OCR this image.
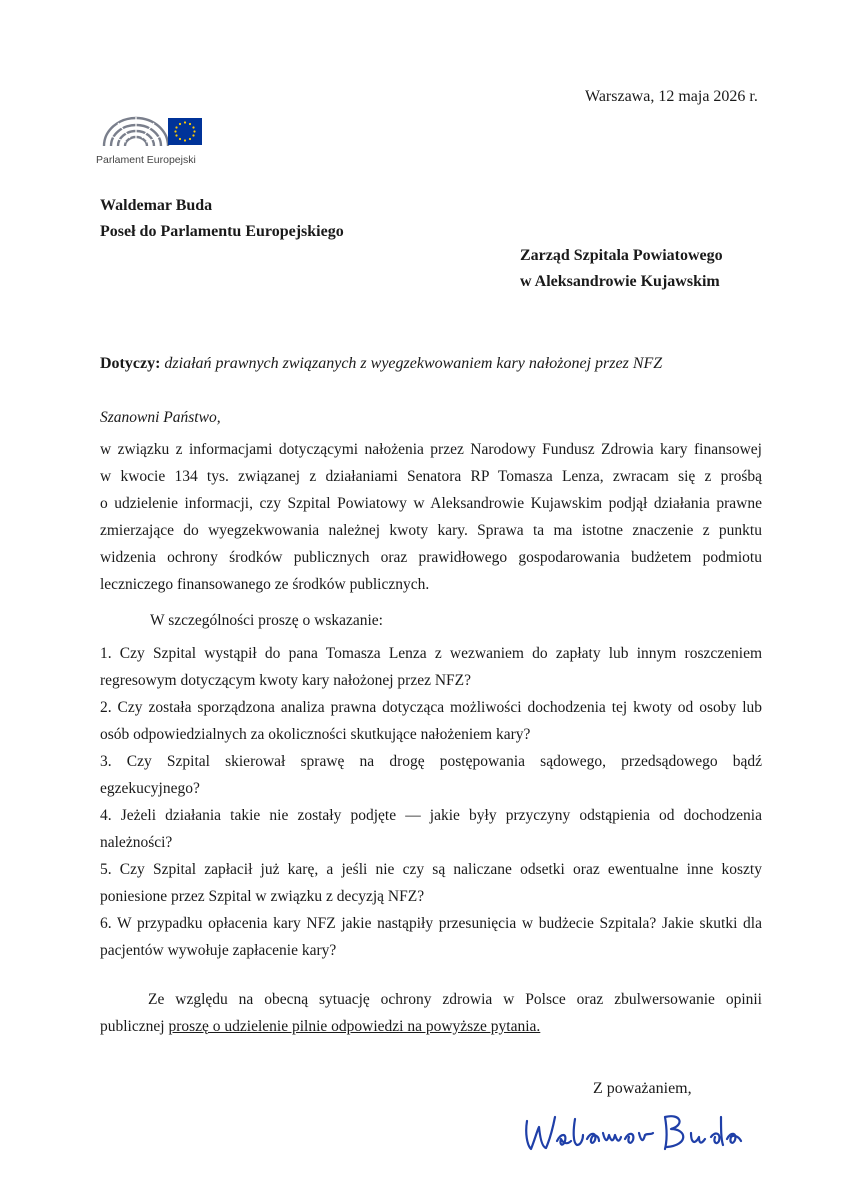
Warszawa, 12 maja 2026 r.
Parlament Europejski
Waldemar Buda
Poseł do Parlamentu Europejskiego
Zarząd Szpitala Powiatowego
w Aleksandrowie Kujawskim
Dotyczy: działań prawnych związanych z wyegzekwowaniem kary nałożonej przez NFZ
Szanowni Państwo,
w związku z informacjami dotyczącymi nałożenia przez Narodowy Fundusz Zdrowia kary finansowej
w kwocie 134 tys. związanej z działaniami Senatora RP Tomasza Lenza, zwracam się z prośbą
o udzielenie informacji, czy Szpital Powiatowy w Aleksandrowie Kujawskim podjął działania prawne
zmierzające do wyegzekwowania należnej kwoty kary. Sprawa ta ma istotne znaczenie z punktu
widzenia ochrony środków publicznych oraz prawidłowego gospodarowania budżetem podmiotu
leczniczego finansowanego ze środków publicznych.
W szczególności proszę o wskazanie:
1. Czy Szpital wystąpił do pana Tomasza Lenza z wezwaniem do zapłaty lub innym roszczeniem
regresowym dotyczącym kwoty kary nałożonej przez NFZ?
2. Czy została sporządzona analiza prawna dotycząca możliwości dochodzenia tej kwoty od osoby lub
osób odpowiedzialnych za okoliczności skutkujące nałożeniem kary?
3. Czy Szpital skierował sprawę na drogę postępowania sądowego, przedsądowego bądź
egzekucyjnego?
4. Jeżeli działania takie nie zostały podjęte — jakie były przyczyny odstąpienia od dochodzenia
należności?
5. Czy Szpital zapłacił już karę, a jeśli nie czy są naliczane odsetki oraz ewentualne inne koszty
poniesione przez Szpital w związku z decyzją NFZ?
6. W przypadku opłacenia kary NFZ jakie nastąpiły przesunięcia w budżecie Szpitala? Jakie skutki dla
pacjentów wywołuje zapłacenie kary?
Ze względu na obecną sytuację ochrony zdrowia w Polsce oraz zbulwersowanie opinii
publicznej proszę o udzielenie pilnie odpowiedzi na powyższe pytania.
Z poważaniem,
